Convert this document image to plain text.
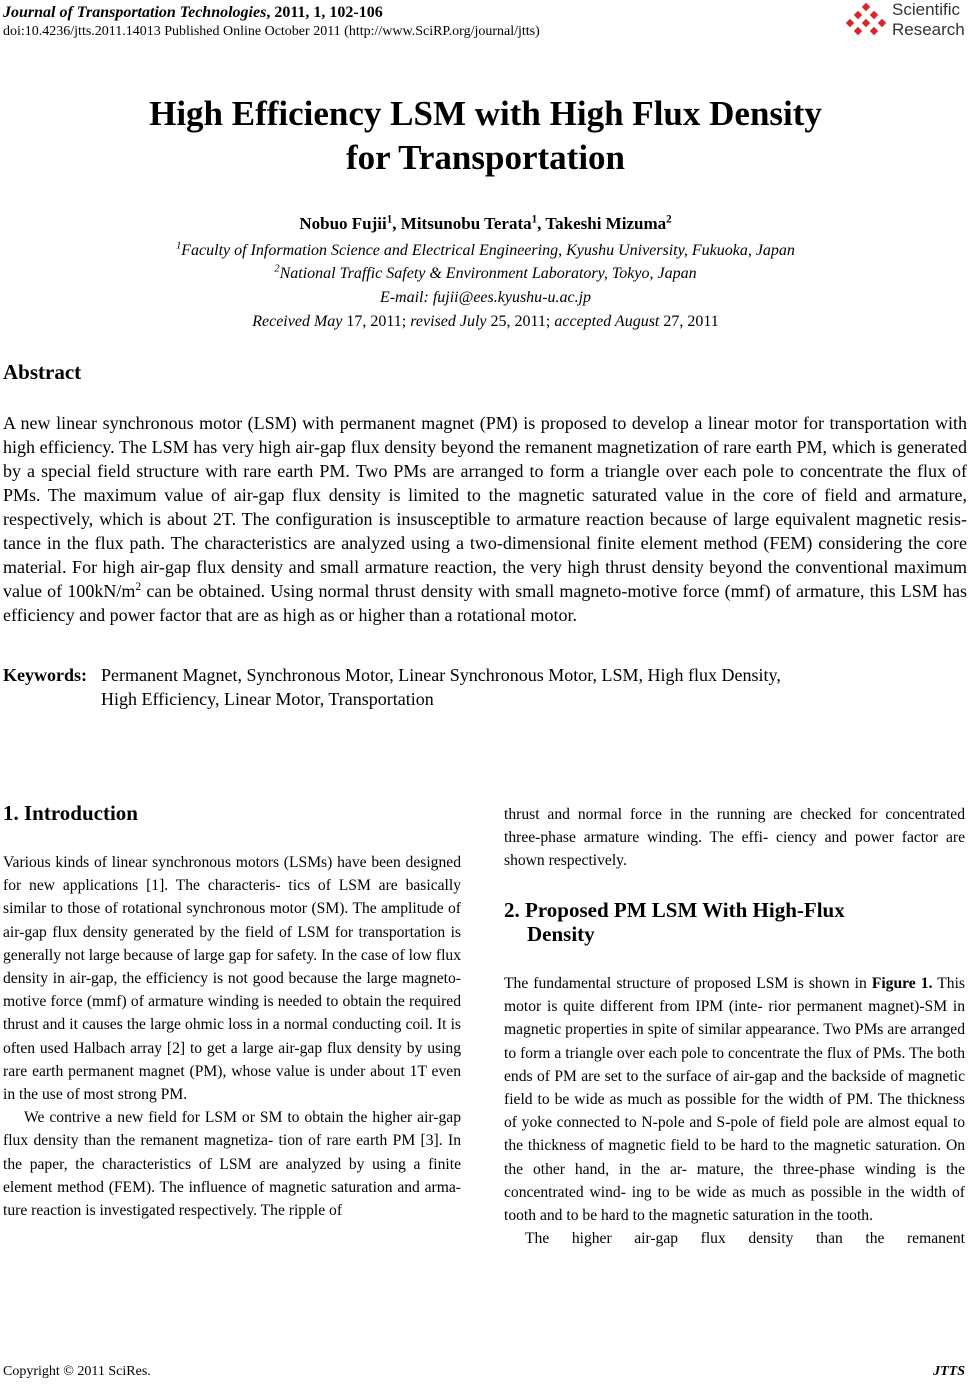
Journal of Transportation Technologies, 2011, 1, 102-106
doi:10.4236/jtts.2011.14013 Published Online October 2011 (http://www.SciRP.org/journal/jtts)
Scientific
Research
High Efficiency LSM with High Flux Density
for Transportation
Nobuo Fujii$^1$, Mitsunobu Terata$^1$, Takeshi Mizuma$^2$
$^1$Faculty of Information Science and Electrical Engineering, Kyushu University, Fukuoka, Japan
$^2$National Traffic Safety & Environment Laboratory, Tokyo, Japan
E-mail: fujii@ees.kyushu-u.ac.jp
Received May 17, 2011; revised July 25, 2011; accepted August 27, 2011
Abstract
A new linear synchronous motor (LSM) with permanent magnet (PM) is proposed to develop a linear motor for transportation with high efficiency. The LSM has very high air-gap flux density beyond the remanent magnetization of rare earth PM, which is generated by a special field structure with rare earth PM. Two PMs are arranged to form a triangle over each pole to concentrate the flux of PMs. The maximum value of air-gap flux density is limited to the magnetic saturated value in the core of field and armature, respectively, which is about 2T. The configuration is insusceptible to armature reaction because of large equivalent magnetic resis- tance in the flux path. The characteristics are analyzed using a two-dimensional finite element method (FEM) considering the core material. For high air-gap flux density and small armature reaction, the very high thrust density beyond the conventional maximum value of $100kN/m^2$ can be obtained. Using normal thrust density with small magneto-motive force (mmf) of armature, this LSM has efficiency and power factor that are as high as or higher than a rotational motor.
Keywords: Permanent Magnet, Synchronous Motor, Linear Synchronous Motor, LSM, High flux Density,
High Efficiency, Linear Motor, Transportation
1. Introduction

Various kinds of linear synchronous motors (LSMs) have been designed for new applications [1]. The characteris- tics of LSM are basically similar to those of rotational synchronous motor (SM). The amplitude of air-gap flux density generated by the field of LSM for transportation is generally not large because of large gap for safety. In the case of low flux density in air-gap, the efficiency is not good because the large magneto-motive force (mmf) of armature winding is needed to obtain the required thrust and it causes the large ohmic loss in a normal conducting coil. It is often used Halbach array [2] to get a large air-gap flux density by using rare earth permanent magnet (PM), whose value is under about 1T even in the use of most strong PM.

We contrive a new field for LSM or SM to obtain the higher air-gap flux density than the remanent magnetiza- tion of rare earth PM [3]. In the paper, the characteristics of LSM are analyzed by using a finite element method (FEM). The influence of magnetic saturation and arma- ture reaction is investigated respectively. The ripple of

thrust and normal force in the running are checked for concentrated three-phase armature winding. The effi- ciency and power factor are shown respectively.

2. Proposed PM LSM With High-Flux
Density

The fundamental structure of proposed LSM is shown in Figure 1. This motor is quite different from IPM (inte- rior permanent magnet)-SM in magnetic properties in spite of similar appearance. Two PMs are arranged to form a triangle over each pole to concentrate the flux of PMs. The both ends of PM are set to the surface of air-gap and the backside of magnetic field to be wide as much as possible for the width of PM. The thickness of yoke connected to N-pole and S-pole of field pole are almost equal to the thickness of magnetic field to be hard to the magnetic saturation. On the other hand, in the ar- mature, the three-phase winding is the concentrated wind- ing to be wide as much as possible in the width of tooth and to be hard to the magnetic saturation in the tooth.

The higher air-gap flux density than the remanent

Copyright © 2011 SciRes.	JTTS
